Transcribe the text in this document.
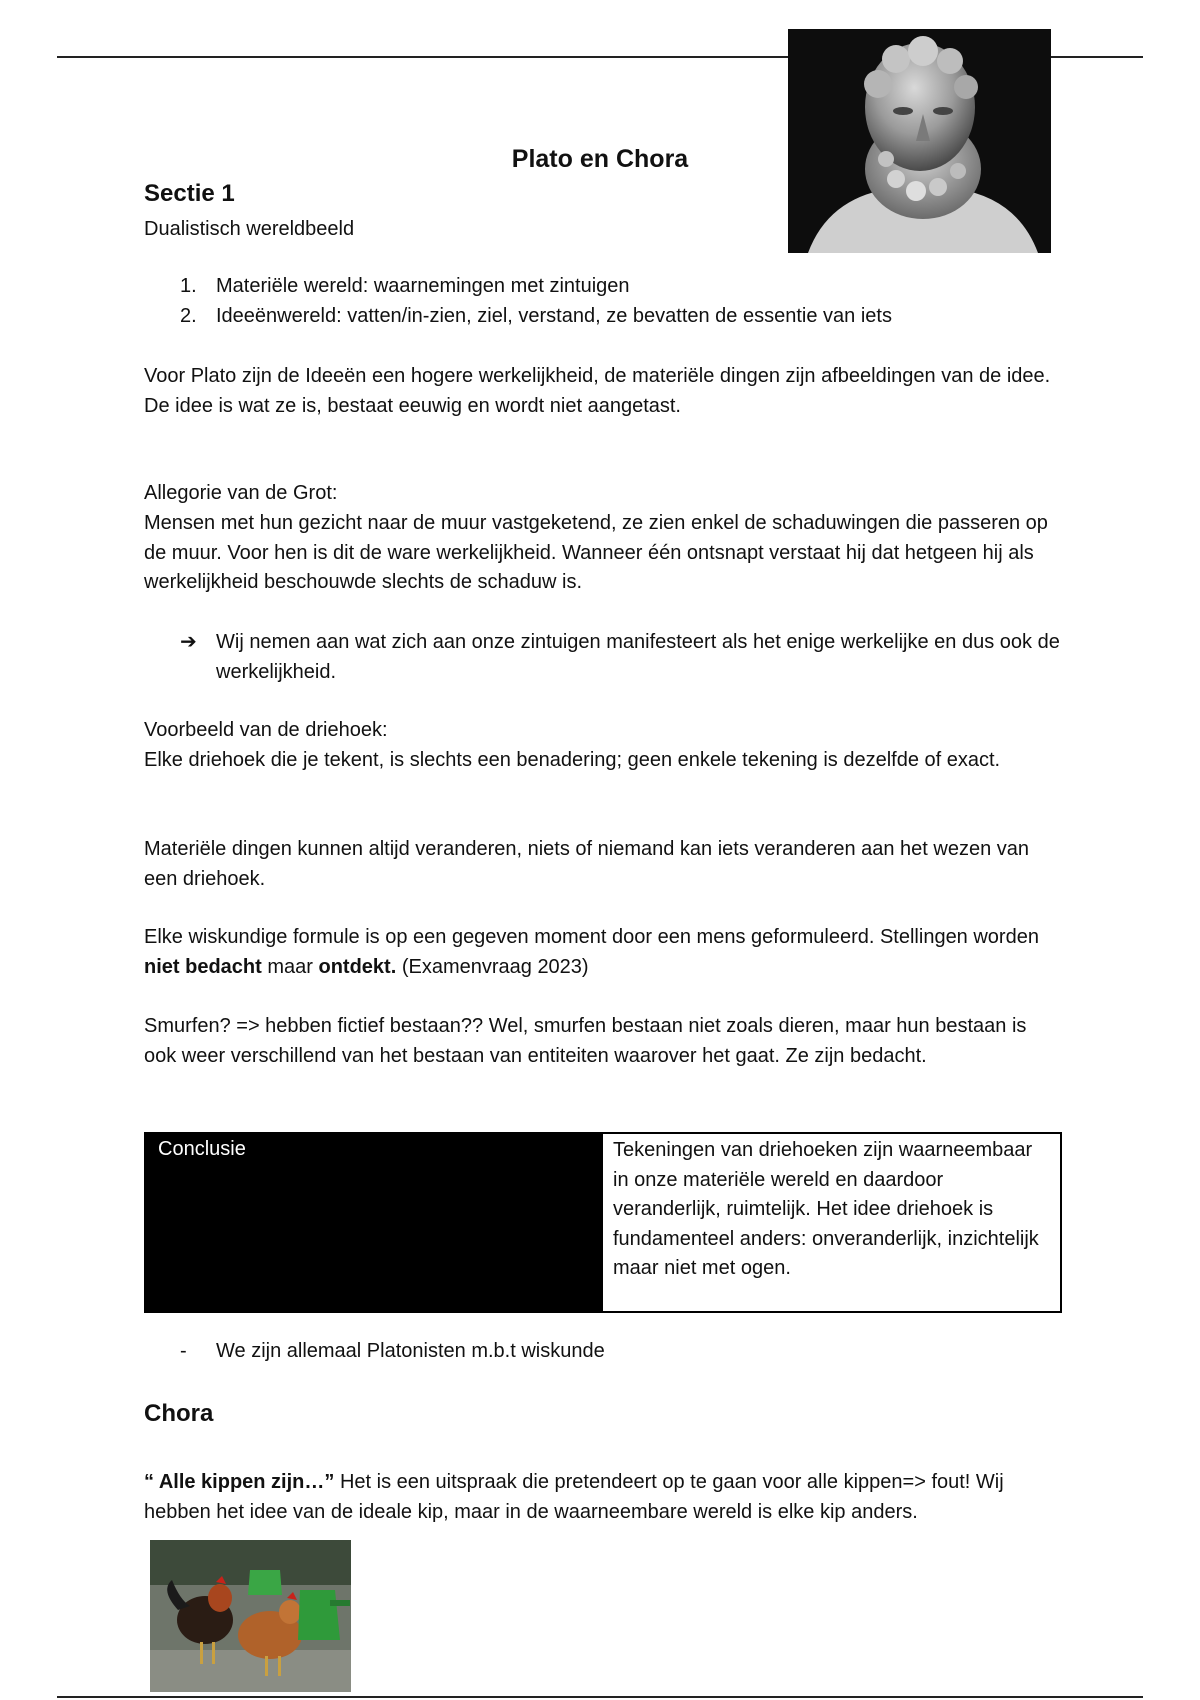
Plato en Chora
Sectie 1
Dualistisch wereldbeeld
1. Materiële wereld: waarnemingen met zintuigen
2. Ideeënwereld: vatten/in-zien, ziel, verstand, ze bevatten de essentie van iets
Voor Plato zijn de Ideeën een hogere werkelijkheid, de materiële dingen zijn afbeeldingen van de idee. De idee is wat ze is, bestaat eeuwig en wordt niet aangetast.
Allegorie van de Grot:
Mensen met hun gezicht naar de muur vastgeketend, ze zien enkel de schaduwingen die passeren op de muur. Voor hen is dit de ware werkelijkheid. Wanneer één ontsnapt verstaat hij dat hetgeen hij als werkelijkheid beschouwde slechts de schaduw is.
➔ Wij nemen aan wat zich aan onze zintuigen manifesteert als het enige werkelijke en dus ook de werkelijkheid.
Voorbeeld van de driehoek:
Elke driehoek die je tekent, is slechts een benadering; geen enkele tekening is dezelfde of exact.
Materiële dingen kunnen altijd veranderen, niets of niemand kan iets veranderen aan het wezen van een driehoek.
Elke wiskundige formule is op een gegeven moment door een mens geformuleerd. Stellingen worden niet bedacht maar ontdekt. (Examenvraag 2023)
Smurfen? => hebben fictief bestaan?? Wel, smurfen bestaan niet zoals dieren, maar hun bestaan is ook weer verschillend van het bestaan van entiteiten waarover het gaat. Ze zijn bedacht.
Conclusie	Tekeningen van driehoeken zijn waarneembaar in onze materiële wereld en daardoor veranderlijk, ruimtelijk. Het idee driehoek is fundamenteel anders: onveranderlijk, inzichtelijk maar niet met ogen.
- We zijn allemaal Platonisten m.b.t wiskunde
Chora
“ Alle kippen zijn…” Het is een uitspraak die pretendeert op te gaan voor alle kippen=> fout! Wij hebben het idee van de ideale kip, maar in de waarneembare wereld is elke kip anders.
